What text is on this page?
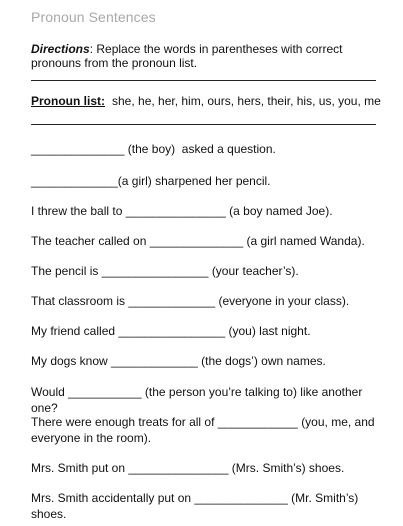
Pronoun Sentences
Directions: Replace the words in parentheses with correct pronouns from the pronoun list.
Pronoun list: she, he, her, him, ours, hers, their, his, us, you, me
______________ (the boy)  asked a question.
_____________(a girl) sharpened her pencil.
I threw the ball to _______________ (a boy named Joe).
The teacher called on ______________ (a girl named Wanda).
The pencil is ________________ (your teacher’s).
That classroom is _____________ (everyone in your class).
My friend called ________________ (you) last night.
My dogs know _____________ (the dogs’) own names.
Would ___________ (the person you’re talking to) like another one?
There were enough treats for all of ____________ (you, me, and everyone in the room).
Mrs. Smith put on _______________ (Mrs. Smith’s) shoes.
Mrs. Smith accidentally put on ______________ (Mr. Smith’s) shoes.
